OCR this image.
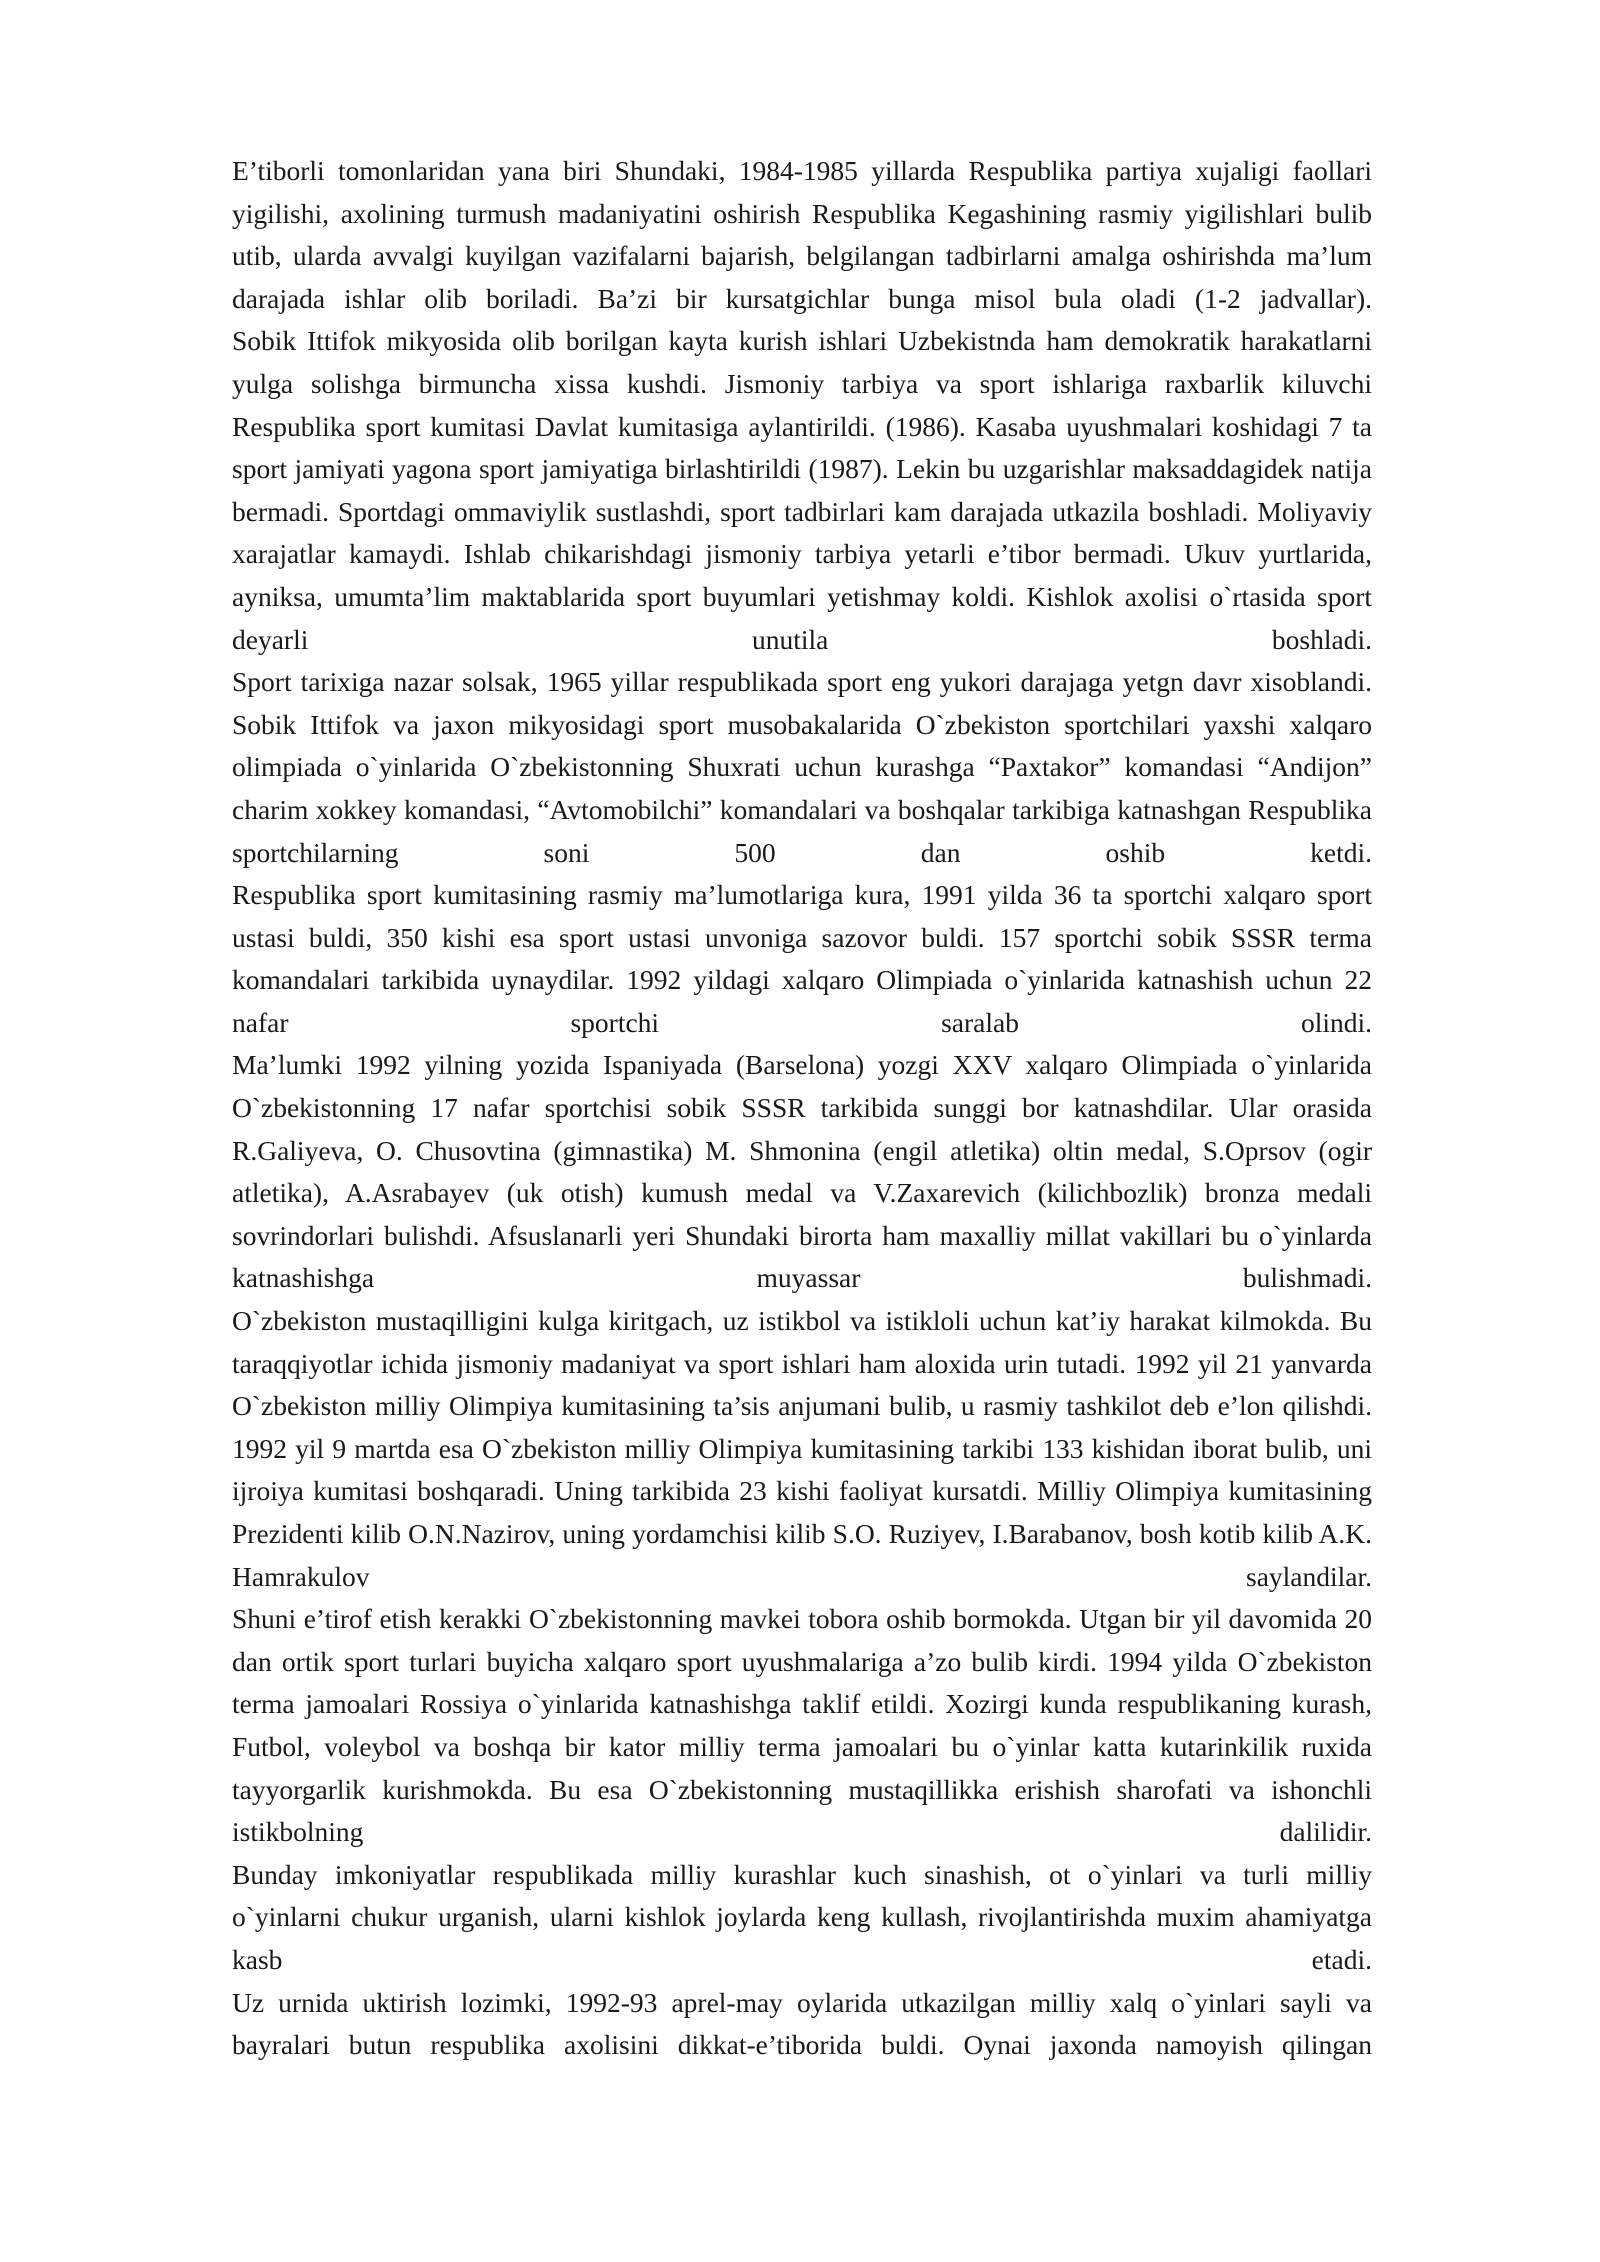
E’tiborli tomonlaridan yana biri Shundaki, 1984-1985 yillarda Respublika partiya xujaligi faollari yigilishi, axolining turmush madaniyatini oshirish Respublika Kegashining rasmiy yigilishlari bulib utib, ularda avvalgi kuyilgan vazifalarni bajarish, belgilangan tadbirlarni amalga oshirishda ma’lum darajada ishlar olib boriladi. Ba’zi bir kursatgichlar bunga misol bula oladi (1-2 jadvallar).

Sobik Ittifok mikyosida olib borilgan kayta kurish ishlari Uzbekistnda ham demokratik harakatlarni yulga solishga birmuncha xissa kushdi. Jismoniy tarbiya va sport ishlariga raxbarlik kiluvchi Respublika sport kumitasi Davlat kumitasiga aylantirildi. (1986). Kasaba uyushmalari koshidagi 7 ta sport jamiyati yagona sport jamiyatiga birlashtirildi (1987). Lekin bu uzgarishlar maksaddagidek natija bermadi. Sportdagi ommaviylik sustlashdi, sport tadbirlari kam darajada utkazila boshladi. Moliyaviy xarajatlar kamaydi. Ishlab chikarishdagi jismoniy tarbiya yetarli e’tibor bermadi. Ukuv yurtlarida, ayniksa, umumta’lim maktablarida sport buyumlari yetishmay koldi. Kishlok axolisi o`rtasida sport deyarli unutila boshladi.

Sport tarixiga nazar solsak, 1965 yillar respublikada sport eng yukori darajaga yetgn davr xisoblandi. Sobik Ittifok va jaxon mikyosidagi sport musobakalarida O`zbekiston sportchilari yaxshi xalqaro olimpiada o`yinlarida O`zbekistonning Shuxrati uchun kurashga “Paxtakor” komandasi “Andijon” charim xokkey komandasi, “Avtomobilchi” komandalari va boshqalar tarkibiga katnashgan Respublika sportchilarning soni 500 dan oshib ketdi.

Respublika sport kumitasining rasmiy ma’lumotlariga kura, 1991 yilda 36 ta sportchi xalqaro sport ustasi buldi, 350 kishi esa sport ustasi unvoniga sazovor buldi. 157 sportchi sobik SSSR terma komandalari tarkibida uynaydilar. 1992 yildagi xalqaro Olimpiada o`yinlarida katnashish uchun 22 nafar sportchi saralab olindi.

Ma’lumki 1992 yilning yozida Ispaniyada (Barselona) yozgi XXV xalqaro Olimpiada o`yinlarida O`zbekistonning 17 nafar sportchisi sobik SSSR tarkibida sunggi bor katnashdilar. Ular orasida R.Galiyeva, O. Chusovtina (gimnastika) M. Shmonina (engil atletika) oltin medal, S.Oprsov (ogir atletika), A.Asrabayev (uk otish) kumush medal va V.Zaxarevich (kilichbozlik) bronza medali sovrindorlari bulishdi. Afsuslanarli yeri Shundaki birorta ham maxalliy millat vakillari bu o`yinlarda katnashishga muyassar bulishmadi.

O`zbekiston mustaqilligini kulga kiritgach, uz istikbol va istikloli uchun kat’iy harakat kilmokda. Bu taraqqiyotlar ichida jismoniy madaniyat va sport ishlari ham aloxida urin tutadi. 1992 yil 21 yanvarda O`zbekiston milliy Olimpiya kumitasining ta’sis anjumani bulib, u rasmiy tashkilot deb e’lon qilishdi. 1992 yil 9 martda esa O`zbekiston milliy Olimpiya kumitasining tarkibi 133 kishidan iborat bulib, uni ijroiya kumitasi boshqaradi. Uning tarkibida 23 kishi faoliyat kursatdi. Milliy Olimpiya kumitasining Prezidenti kilib O.N.Nazirov, uning yordamchisi kilib S.O. Ruziyev, I.Barabanov, bosh kotib kilib A.K. Hamrakulov saylandilar.

Shuni e’tirof etish kerakki O`zbekistonning mavkei tobora oshib bormokda. Utgan bir yil davomida 20 dan ortik sport turlari buyicha xalqaro sport uyushmalariga a’zo bulib kirdi. 1994 yilda O`zbekiston terma jamoalari Rossiya o`yinlarida katnashishga taklif etildi. Xozirgi kunda respublikaning kurash, Futbol, voleybol va boshqa bir kator milliy terma jamoalari bu o`yinlar katta kutarinkilik ruxida tayyorgarlik kurishmokda. Bu esa O`zbekistonning mustaqillikka erishish sharofati va ishonchli istikbolning dalilidir.

Bunday imkoniyatlar respublikada milliy kurashlar kuch sinashish, ot o`yinlari va turli milliy o`yinlarni chukur urganish, ularni kishlok joylarda keng kullash, rivojlantirishda muxim ahamiyatga kasb etadi.

Uz urnida uktirish lozimki, 1992-93 aprel-may oylarida utkazilgan milliy xalq o`yinlari sayli va bayralari butun respublika axolisini dikkat-e’tiborida buldi. Oynai jaxonda namoyish qilingan
